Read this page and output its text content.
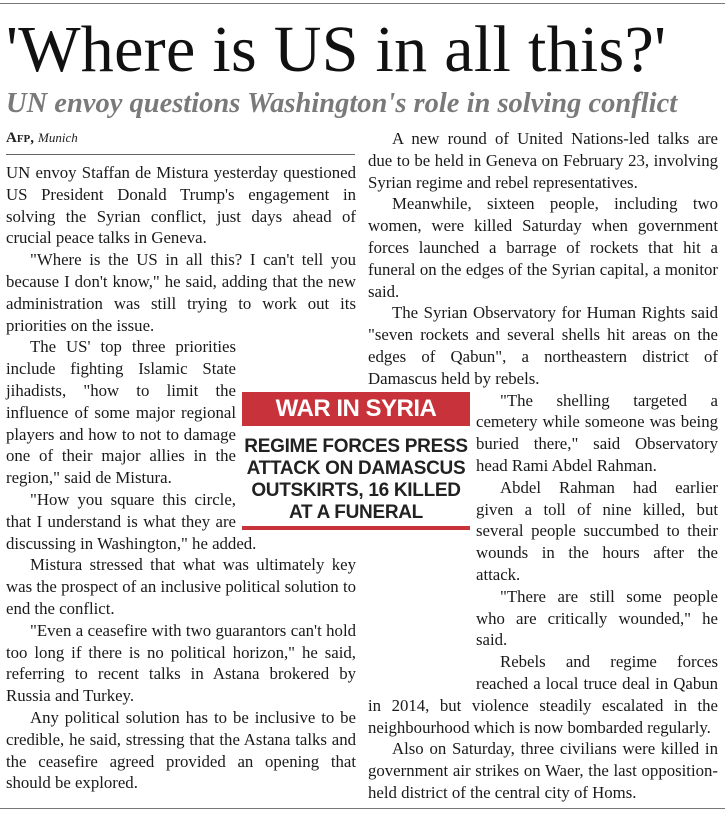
'Where is US in all this?'
UN envoy questions Washington's role in solving conflict
Afp, Munich

UN envoy Staffan de Mistura yesterday questioned US President Donald Trump's engagement in solving the Syrian conflict, just days ahead of crucial peace talks in Geneva.

"Where is the US in all this? I can't tell you because I don't know," he said, adding that the new administration was still trying to work out its priorities on the issue.

The US' top three priorities include fighting Islamic State jihadists, "how to limit the influence of some major regional players and how to not to damage one of their major allies in the region," said de Mistura.

"How you square this circle, that I understand is what they are discussing in Washington," he added.

Mistura stressed that what was ultimately key was the prospect of an inclusive political solution to end the conflict.

"Even a ceasefire with two guarantors can't hold too long if there is no political horizon," he said, referring to recent talks in Astana brokered by Russia and Turkey.

Any political solution has to be inclusive to be credible, he said, stressing that the Astana talks and the ceasefire agreed provided an opening that should be explored.

A new round of United Nations-led talks are due to be held in Geneva on February 23, involving Syrian regime and rebel representatives.

Meanwhile, sixteen people, including two women, were killed Saturday when government forces launched a barrage of rockets that hit a funeral on the edges of the Syrian capital, a monitor said.

The Syrian Observatory for Human Rights said "seven rockets and several shells hit areas on the edges of Qabun", a northeastern district of Damascus held by rebels.

"The shelling targeted a cemetery while someone was being buried there," said Observatory head Rami Abdel Rahman.

Abdel Rahman had earlier given a toll of nine killed, but several people succumbed to their wounds in the hours after the attack.

"There are still some people who are critically wounded," he said.

Rebels and regime forces reached a local truce deal in Qabun in 2014, but violence steadily escalated in the neighbourhood which is now bombarded regularly.

Also on Saturday, three civilians were killed in government air strikes on Waer, the last opposition-held district of the central city of Homs.

WAR IN SYRIA

REGIME FORCES PRESS ATTACK ON DAMASCUS OUTSKIRTS, 16 KILLED AT A FUNERAL
